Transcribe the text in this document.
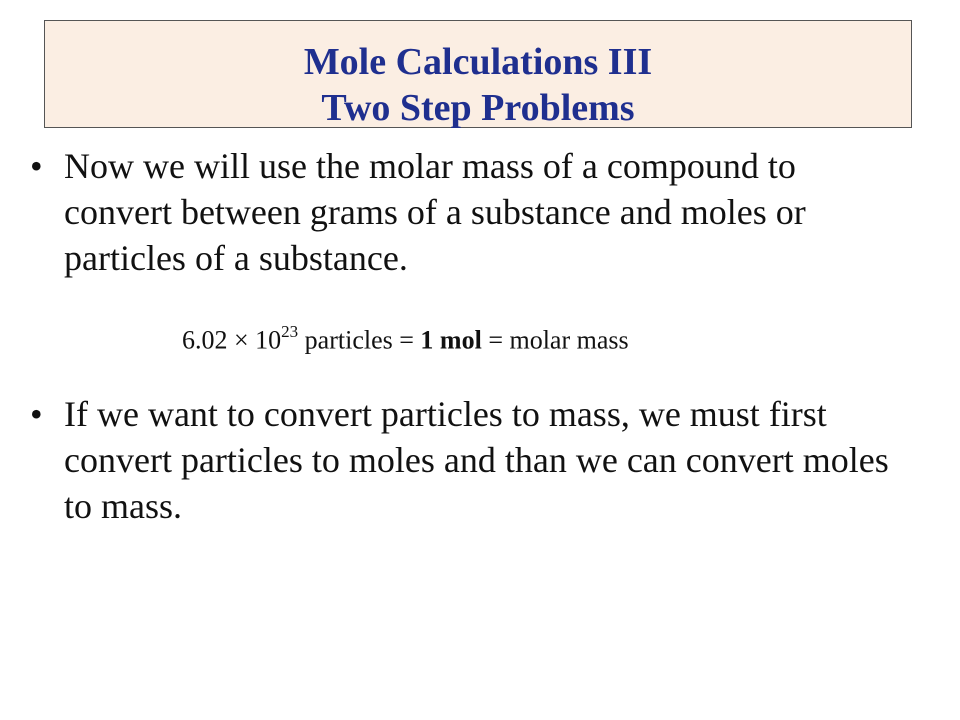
Mole Calculations III
Two Step Problems
• Now we will use the molar mass of a compound to convert between grams of a substance and moles or particles of a substance.
$6.02 \times 10^{23}$ particles = 1 mol = molar mass
• If we want to convert particles to mass, we must first convert particles to moles and than we can convert moles to mass.
